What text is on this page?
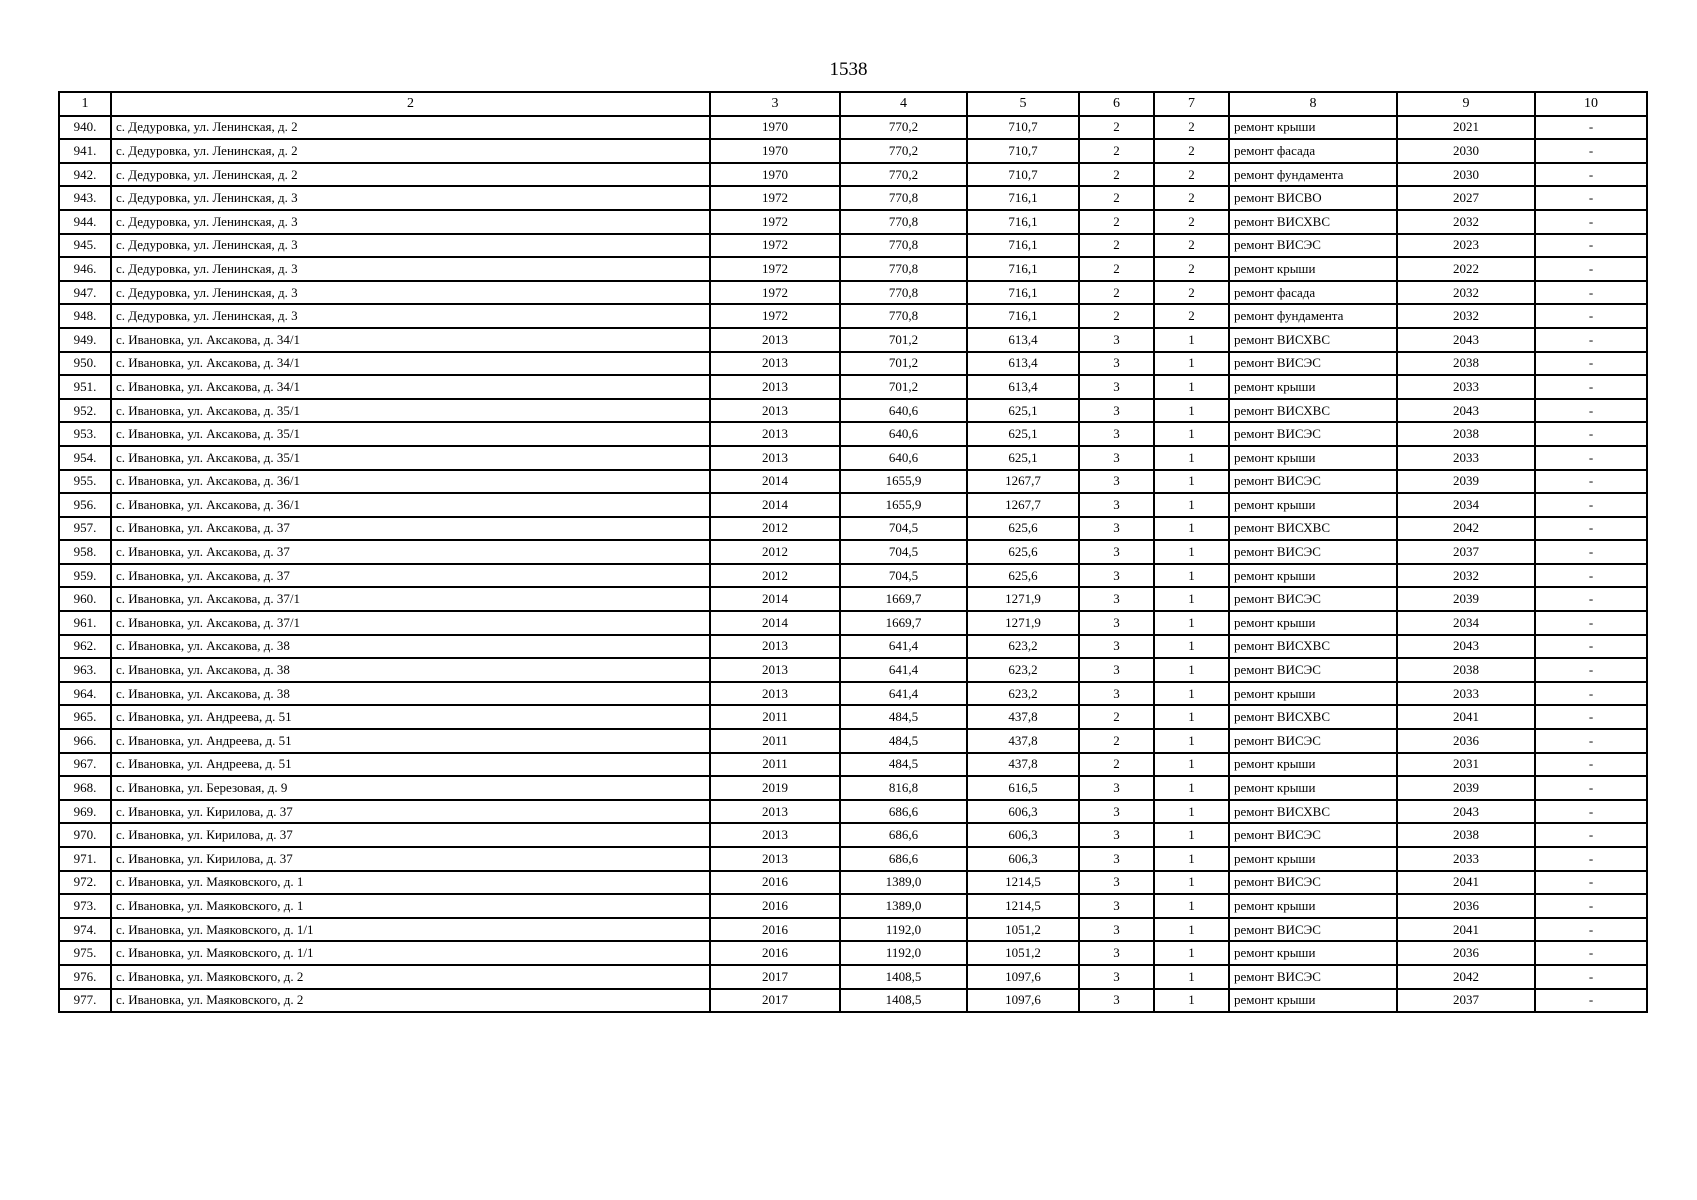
1538
1	2	3	4	5	6	7	8	9	10
940.	с. Дедуровка, ул. Ленинская, д. 2	1970	770,2	710,7	2	2	ремонт крыши	2021	-
941.	с. Дедуровка, ул. Ленинская, д. 2	1970	770,2	710,7	2	2	ремонт фасада	2030	-
942.	с. Дедуровка, ул. Ленинская, д. 2	1970	770,2	710,7	2	2	ремонт фундамента	2030	-
943.	с. Дедуровка, ул. Ленинская, д. 3	1972	770,8	716,1	2	2	ремонт ВИСВО	2027	-
944.	с. Дедуровка, ул. Ленинская, д. 3	1972	770,8	716,1	2	2	ремонт ВИСХВС	2032	-
945.	с. Дедуровка, ул. Ленинская, д. 3	1972	770,8	716,1	2	2	ремонт ВИСЭС	2023	-
946.	с. Дедуровка, ул. Ленинская, д. 3	1972	770,8	716,1	2	2	ремонт крыши	2022	-
947.	с. Дедуровка, ул. Ленинская, д. 3	1972	770,8	716,1	2	2	ремонт фасада	2032	-
948.	с. Дедуровка, ул. Ленинская, д. 3	1972	770,8	716,1	2	2	ремонт фундамента	2032	-
949.	с. Ивановка, ул. Аксакова, д. 34/1	2013	701,2	613,4	3	1	ремонт ВИСХВС	2043	-
950.	с. Ивановка, ул. Аксакова, д. 34/1	2013	701,2	613,4	3	1	ремонт ВИСЭС	2038	-
951.	с. Ивановка, ул. Аксакова, д. 34/1	2013	701,2	613,4	3	1	ремонт крыши	2033	-
952.	с. Ивановка, ул. Аксакова, д. 35/1	2013	640,6	625,1	3	1	ремонт ВИСХВС	2043	-
953.	с. Ивановка, ул. Аксакова, д. 35/1	2013	640,6	625,1	3	1	ремонт ВИСЭС	2038	-
954.	с. Ивановка, ул. Аксакова, д. 35/1	2013	640,6	625,1	3	1	ремонт крыши	2033	-
955.	с. Ивановка, ул. Аксакова, д. 36/1	2014	1655,9	1267,7	3	1	ремонт ВИСЭС	2039	-
956.	с. Ивановка, ул. Аксакова, д. 36/1	2014	1655,9	1267,7	3	1	ремонт крыши	2034	-
957.	с. Ивановка, ул. Аксакова, д. 37	2012	704,5	625,6	3	1	ремонт ВИСХВС	2042	-
958.	с. Ивановка, ул. Аксакова, д. 37	2012	704,5	625,6	3	1	ремонт ВИСЭС	2037	-
959.	с. Ивановка, ул. Аксакова, д. 37	2012	704,5	625,6	3	1	ремонт крыши	2032	-
960.	с. Ивановка, ул. Аксакова, д. 37/1	2014	1669,7	1271,9	3	1	ремонт ВИСЭС	2039	-
961.	с. Ивановка, ул. Аксакова, д. 37/1	2014	1669,7	1271,9	3	1	ремонт крыши	2034	-
962.	с. Ивановка, ул. Аксакова, д. 38	2013	641,4	623,2	3	1	ремонт ВИСХВС	2043	-
963.	с. Ивановка, ул. Аксакова, д. 38	2013	641,4	623,2	3	1	ремонт ВИСЭС	2038	-
964.	с. Ивановка, ул. Аксакова, д. 38	2013	641,4	623,2	3	1	ремонт крыши	2033	-
965.	с. Ивановка, ул. Андреева, д. 51	2011	484,5	437,8	2	1	ремонт ВИСХВС	2041	-
966.	с. Ивановка, ул. Андреева, д. 51	2011	484,5	437,8	2	1	ремонт ВИСЭС	2036	-
967.	с. Ивановка, ул. Андреева, д. 51	2011	484,5	437,8	2	1	ремонт крыши	2031	-
968.	с. Ивановка, ул. Березовая, д. 9	2019	816,8	616,5	3	1	ремонт крыши	2039	-
969.	с. Ивановка, ул. Кирилова, д. 37	2013	686,6	606,3	3	1	ремонт ВИСХВС	2043	-
970.	с. Ивановка, ул. Кирилова, д. 37	2013	686,6	606,3	3	1	ремонт ВИСЭС	2038	-
971.	с. Ивановка, ул. Кирилова, д. 37	2013	686,6	606,3	3	1	ремонт крыши	2033	-
972.	с. Ивановка, ул. Маяковского, д. 1	2016	1389,0	1214,5	3	1	ремонт ВИСЭС	2041	-
973.	с. Ивановка, ул. Маяковского, д. 1	2016	1389,0	1214,5	3	1	ремонт крыши	2036	-
974.	с. Ивановка, ул. Маяковского, д. 1/1	2016	1192,0	1051,2	3	1	ремонт ВИСЭС	2041	-
975.	с. Ивановка, ул. Маяковского, д. 1/1	2016	1192,0	1051,2	3	1	ремонт крыши	2036	-
976.	с. Ивановка, ул. Маяковского, д. 2	2017	1408,5	1097,6	3	1	ремонт ВИСЭС	2042	-
977.	с. Ивановка, ул. Маяковского, д. 2	2017	1408,5	1097,6	3	1	ремонт крыши	2037	-
